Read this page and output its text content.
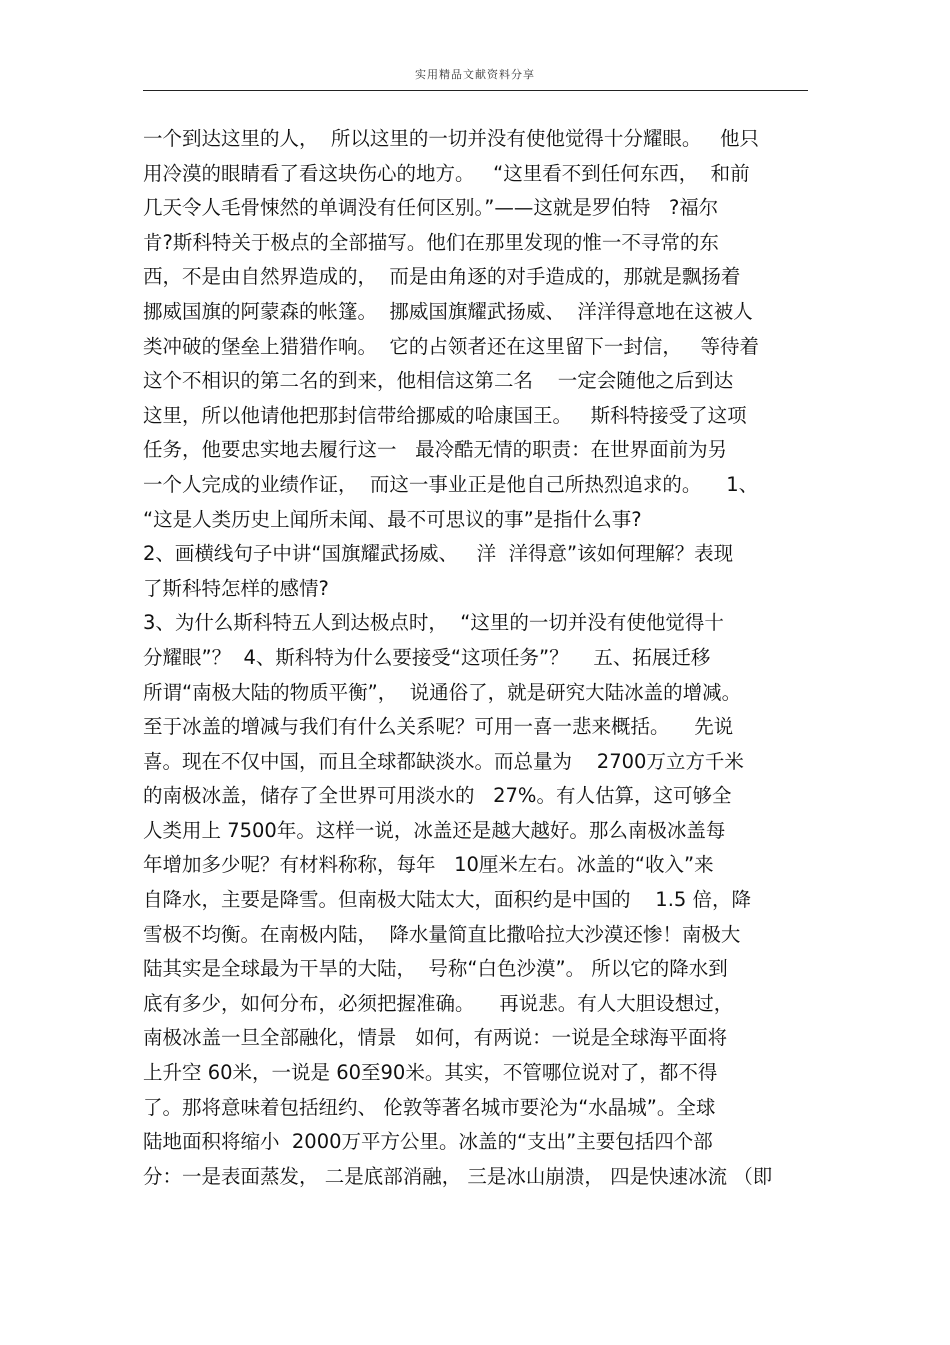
实用精品文献资料分享
一个到达这里的人，  所以这里的一切并没有使他觉得十分耀眼。   他只
用冷漠的眼睛看了看这块伤心的地方。   “这里看不到任何东西，  和前
几天令人毛骨悚然的单调没有任何区别。”——这就是罗伯特   ?福尔
肯?斯科特关于极点的全部描写。他们在那里发现的惟一不寻常的东
西，不是由自然界造成的，  而是由角逐的对手造成的，那就是飘扬着
挪威国旗的阿蒙森的帐篷。  挪威国旗耀武扬威、  洋洋得意地在这被人
类冲破的堡垒上猎猎作响。  它的占领者还在这里留下一封信，   等待着
这个不相识的第二名的到来，他相信这第二名    一定会随他之后到达
这里，所以他请他把那封信带给挪威的哈康国王。   斯科特接受了这项
任务，他要忠实地去履行这一   最冷酷无情的职责：在世界面前为另
一个人完成的业绩作证，  而这一事业正是他自己所热烈追求的。    1、
“这是人类历史上闻所未闻、最不可思议的事”是指什么事?
2、画横线句子中讲“国旗耀武扬威、   洋  洋得意”该如何理解？表现
了斯科特怎样的感情?
3、为什么斯科特五人到达极点时，  “这里的一切并没有使他觉得十
分耀眼”？  4、斯科特为什么要接受“这项任务”？    五、拓展迁移
所谓“南极大陆的物质平衡”，  说通俗了，就是研究大陆冰盖的增减。
至于冰盖的增减与我们有什么关系呢？可用一喜一悲来概括。    先说
喜。现在不仅中国，而且全球都缺淡水。而总量为    2700万立方千米
的南极冰盖，储存了全世界可用淡水的   27%。有人估算，这可够全
人类用上 7500年。这样一说，冰盖还是越大越好。那么南极冰盖每
年增加多少呢？有材料称称，每年   10厘米左右。冰盖的“收入”来
自降水，主要是降雪。但南极大陆太大，面积约是中国的    1.5 倍，降
雪极不均衡。在南极内陆，  降水量简直比撒哈拉大沙漠还惨！南极大
陆其实是全球最为干旱的大陆，  号称“白色沙漠”。 所以它的降水到
底有多少，如何分布，必须把握准确。    再说悲。有人大胆设想过，
南极冰盖一旦全部融化，情景   如何，有两说：一说是全球海平面将
上升空 60米，一说是 60至90米。其实，不管哪位说对了，都不得
了。那将意味着包括纽约、 伦敦等著名城市要沦为“水晶城”。全球
陆地面积将缩小  2000万平方公里。冰盖的“支出”主要包括四个部
分：一是表面蒸发， 二是底部消融， 三是冰山崩溃， 四是快速冰流 （即
